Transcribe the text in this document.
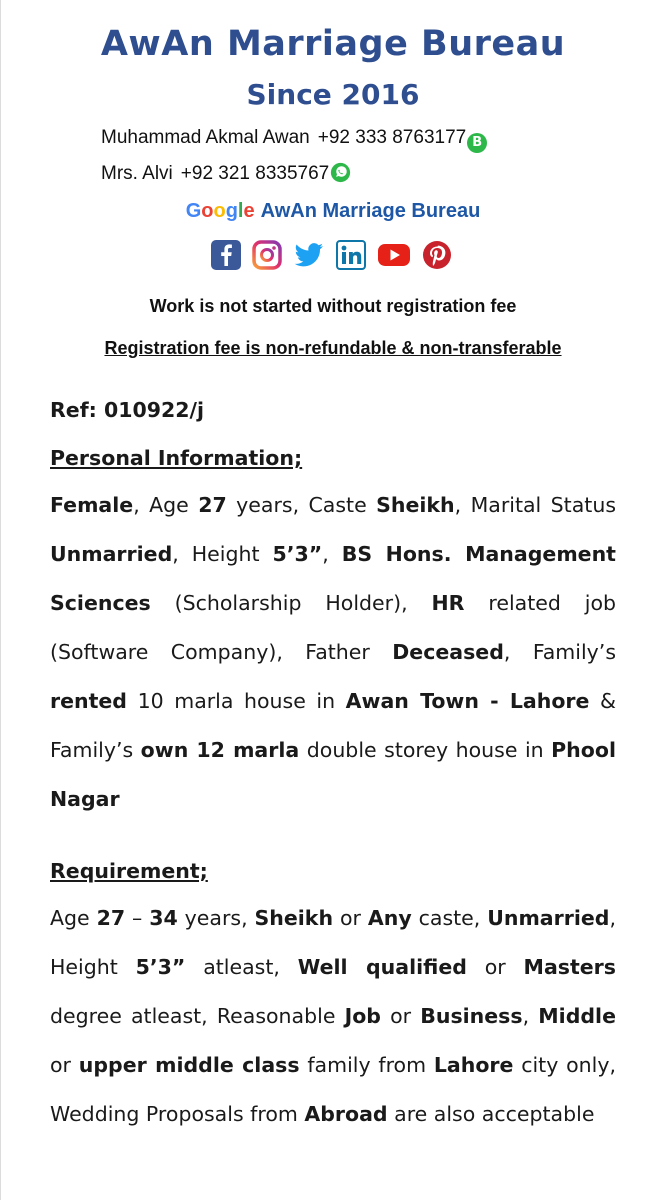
AwAn Marriage Bureau
Since 2016
Muhammad Akmal Awan +92 333 8763177 B
Mrs. Alvi +92 321 8335767
Google AwAn Marriage Bureau
Work is not started without registration fee
Registration fee is non-refundable & non-transferable
Ref: 010922/j
Personal Information;
Female, Age 27 years, Caste Sheikh, Marital Status Unmarried, Height 5’3”, BS Hons. Management Sciences (Scholarship Holder), HR related job (Software Company), Father Deceased, Family’s rented 10 marla house in Awan Town - Lahore & Family’s own 12 marla double storey house in Phool Nagar
Requirement;
Age 27 – 34 years, Sheikh or Any caste, Unmarried, Height 5’3” atleast, Well qualified or Masters degree atleast, Reasonable Job or Business, Middle or upper middle class family from Lahore city only, Wedding Proposals from Abroad are also acceptable
